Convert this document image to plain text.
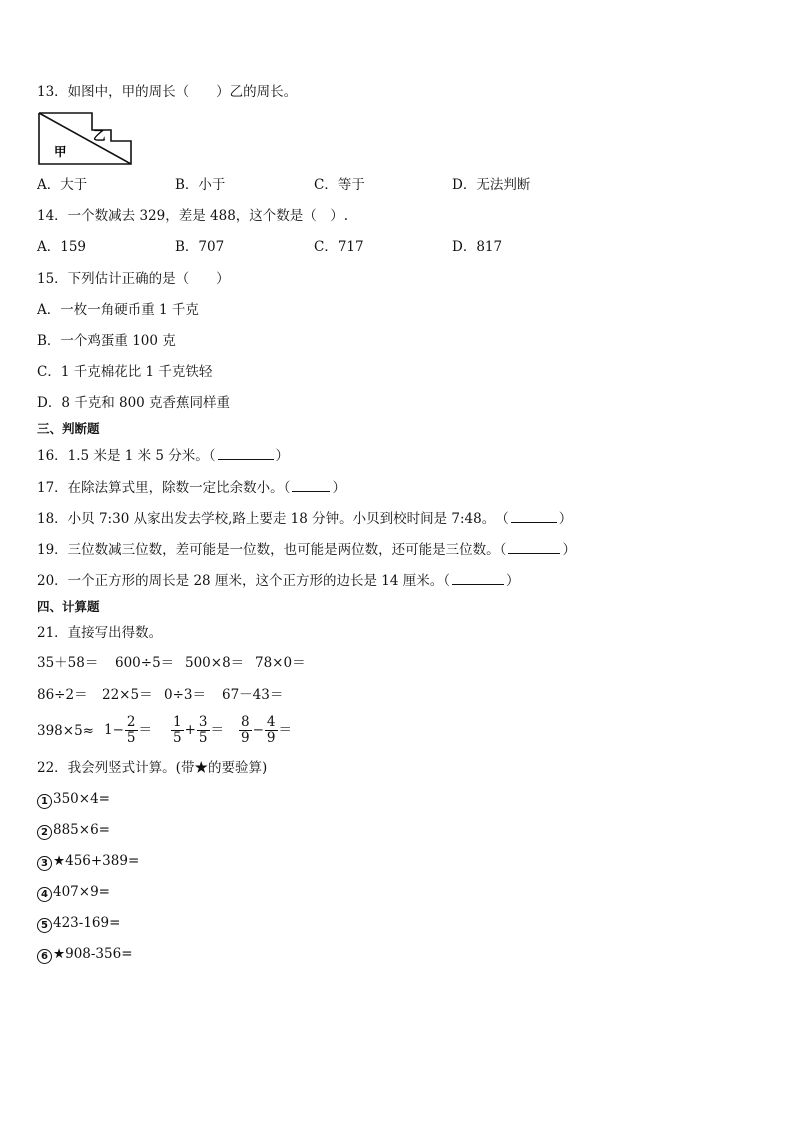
13．如图中，甲的周长（　　）乙的周长。
乙
甲
A．大于	B．小于	C．等于	D．无法判断
14．一个数减去 329，差是 488，这个数是（　）.
A．159	B．707	C．717	D．817
15．下列估计正确的是（　　）
A．一枚一角硬币重 1 千克
B．一个鸡蛋重 100 克
C．1 千克棉花比 1 千克铁轻
D．8 千克和 800 克香蕉同样重
三、判断题
16．1.5 米是 1 米 5 分米。（	）
17．在除法算式里，除数一定比余数小。（	）
18．小贝 7:30 从家出发去学校,路上要走 18 分钟。小贝到校时间是 7:48。　（	）
19．三位数减三位数，差可能是一位数，也可能是两位数，还可能是三位数。（	）
20．一个正方形的周长是 28 厘米，这个正方形的边长是 14 厘米。（	）
四、计算题
21．直接写出得数。
35＋58＝ 600÷5＝ 500×8＝ 78×0＝
86÷2＝ 22×5＝ 0÷3＝ 67－43＝
$398\times 5\approx 1- \frac{2}{5} = \frac{1}{5} + \frac{3}{5} = \frac{8}{9} - \frac{4}{9}$ ＝
22．我会列竖式计算。(带★的要验算)
1 350×4=
2 885×6=
3 ★456+389=
4 407×9=
5 423-169=
6 ★908-356=
